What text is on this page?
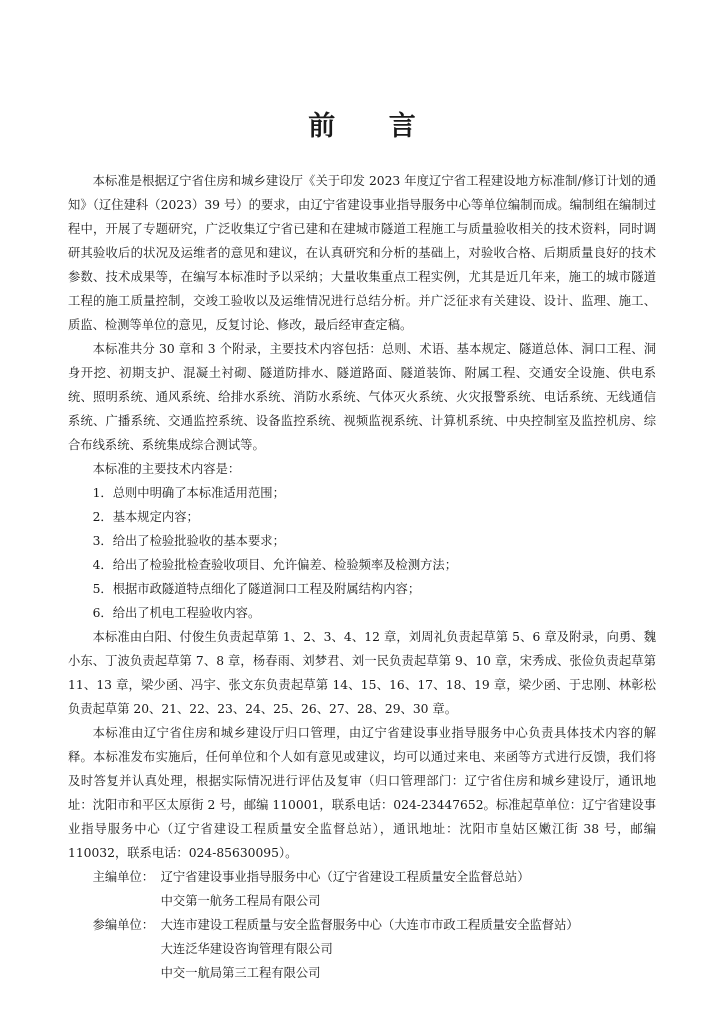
前 言

本标准是根据辽宁省住房和城乡建设厅《关于印发 2023 年度辽宁省工程建设地方标准制/修订计划的通知》（辽住建科（2023）39 号）的要求，由辽宁省建设事业指导服务中心等单位编制而成。编制组在编制过程中，开展了专题研究，广泛收集辽宁省已建和在建城市隧道工程施工与质量验收相关的技术资料，同时调研其验收后的状况及运维者的意见和建议，在认真研究和分析的基础上，对验收合格、后期质量良好的技术参数、技术成果等，在编写本标准时予以采纳；大量收集重点工程实例，尤其是近几年来，施工的城市隧道工程的施工质量控制，交竣工验收以及运维情况进行总结分析。并广泛征求有关建设、设计、监理、施工、质监、检测等单位的意见，反复讨论、修改，最后经审查定稿。

本标准共分 30 章和 3 个附录，主要技术内容包括：总则、术语、基本规定、隧道总体、洞口工程、洞身开挖、初期支护、混凝土衬砌、隧道防排水、隧道路面、隧道装饰、附属工程、交通安全设施、供电系统、照明系统、通风系统、给排水系统、消防水系统、气体灭火系统、火灾报警系统、电话系统、无线通信系统、广播系统、交通监控系统、设备监控系统、视频监视系统、计算机系统、中央控制室及监控机房、综合布线系统、系统集成综合测试等。

本标准的主要技术内容是：

1．总则中明确了本标准适用范围；

2．基本规定内容；

3．给出了检验批验收的基本要求；

4．给出了检验批检查验收项目、允许偏差、检验频率及检测方法；

5．根据市政隧道特点细化了隧道洞口工程及附属结构内容；

6．给出了机电工程验收内容。

本标准由白阳、付俊生负责起草第 1、2、3、4、12 章，刘周礼负责起草第 5、6 章及附录，向勇、魏小东、丁波负责起草第 7、8 章，杨春雨、刘梦君、刘一民负责起草第 9、10 章，宋秀成、张俭负责起草第 11、13 章，梁少函、冯宇、张文东负责起草第 14、15、16、17、18、19 章，梁少函、于忠刚、林彰松负责起草第 20、21、22、23、24、25、26、27、28、29、30 章。

本标准由辽宁省住房和城乡建设厅归口管理，由辽宁省建设事业指导服务中心负责具体技术内容的解释。本标准发布实施后，任何单位和个人如有意见或建议，均可以通过来电、来函等方式进行反馈，我们将及时答复并认真处理，根据实际情况进行评估及复审（归口管理部门：辽宁省住房和城乡建设厅，通讯地址：沈阳市和平区太原街 2 号，邮编 110001，联系电话：024-23447652。标准起草单位：辽宁省建设事业指导服务中心（辽宁省建设工程质量安全监督总站），通讯地址：沈阳市皇姑区嫩江街 38 号，邮编 110032，联系电话：024-85630095）。

主编单位： 辽宁省建设事业指导服务中心（辽宁省建设工程质量安全监督总站）
中交第一航务工程局有限公司
参编单位： 大连市建设工程质量与安全监督服务中心（大连市市政工程质量安全监督站）
大连泛华建设咨询管理有限公司
中交一航局第三工程有限公司
